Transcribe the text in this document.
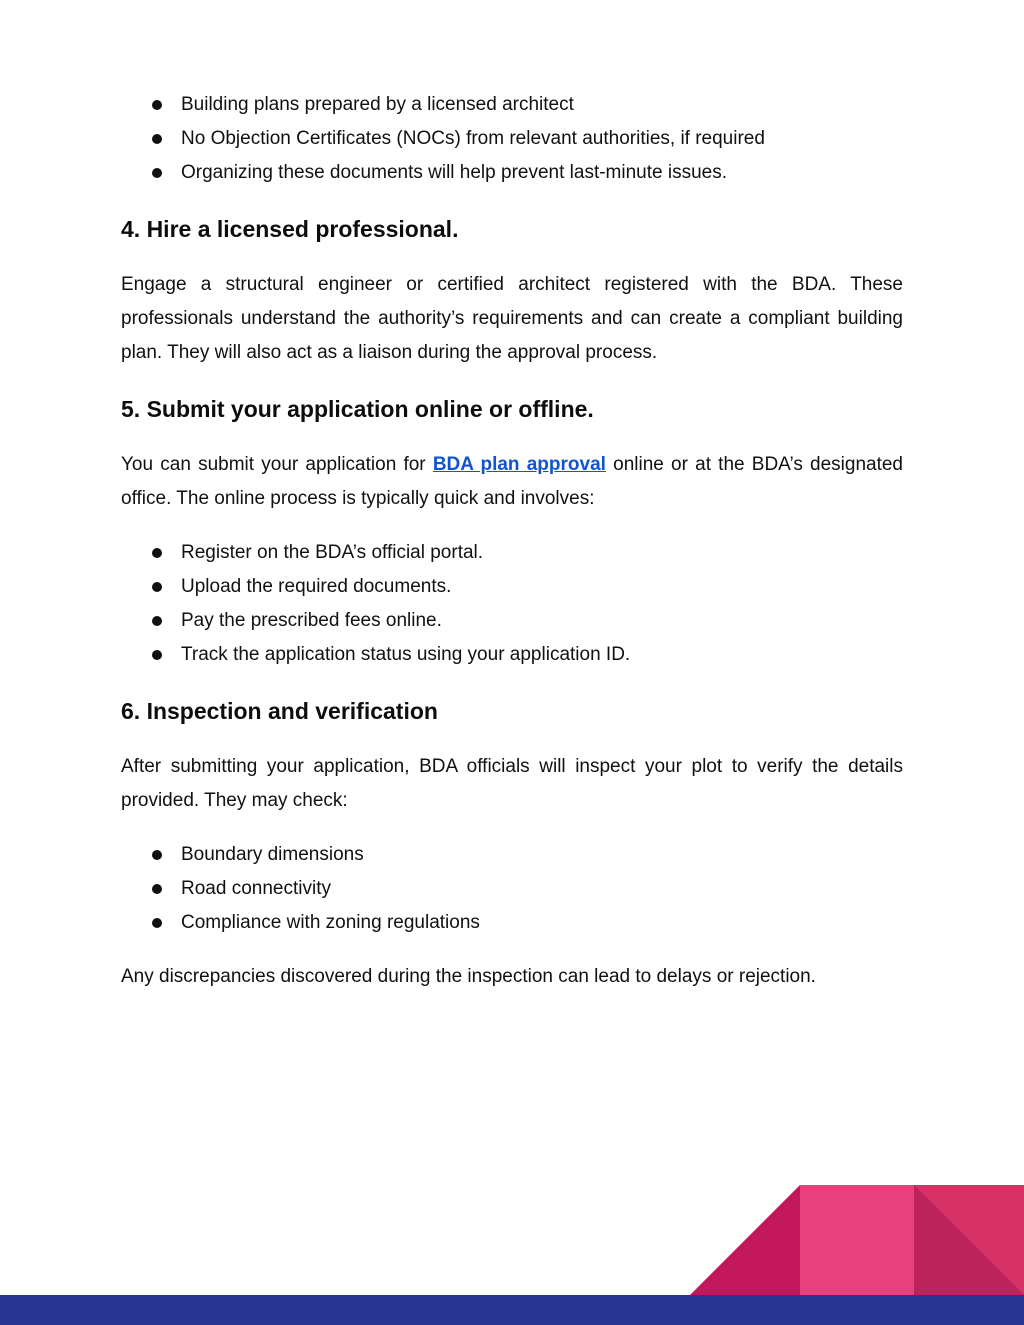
Building plans prepared by a licensed architect
No Objection Certificates (NOCs) from relevant authorities, if required
Organizing these documents will help prevent last-minute issues.
4. Hire a licensed professional.

Engage a structural engineer or certified architect registered with the BDA. These professionals understand the authority’s requirements and can create a compliant building plan. They will also act as a liaison during the approval process.

5. Submit your application online or offline.

You can submit your application for BDA plan approval online or at the BDA’s designated office. The online process is typically quick and involves:

Register on the BDA’s official portal.
Upload the required documents.
Pay the prescribed fees online.
Track the application status using your application ID.
6. Inspection and verification

After submitting your application, BDA officials will inspect your plot to verify the details provided. They may check:

Boundary dimensions
Road connectivity
Compliance with zoning regulations

Any discrepancies discovered during the inspection can lead to delays or rejection.
